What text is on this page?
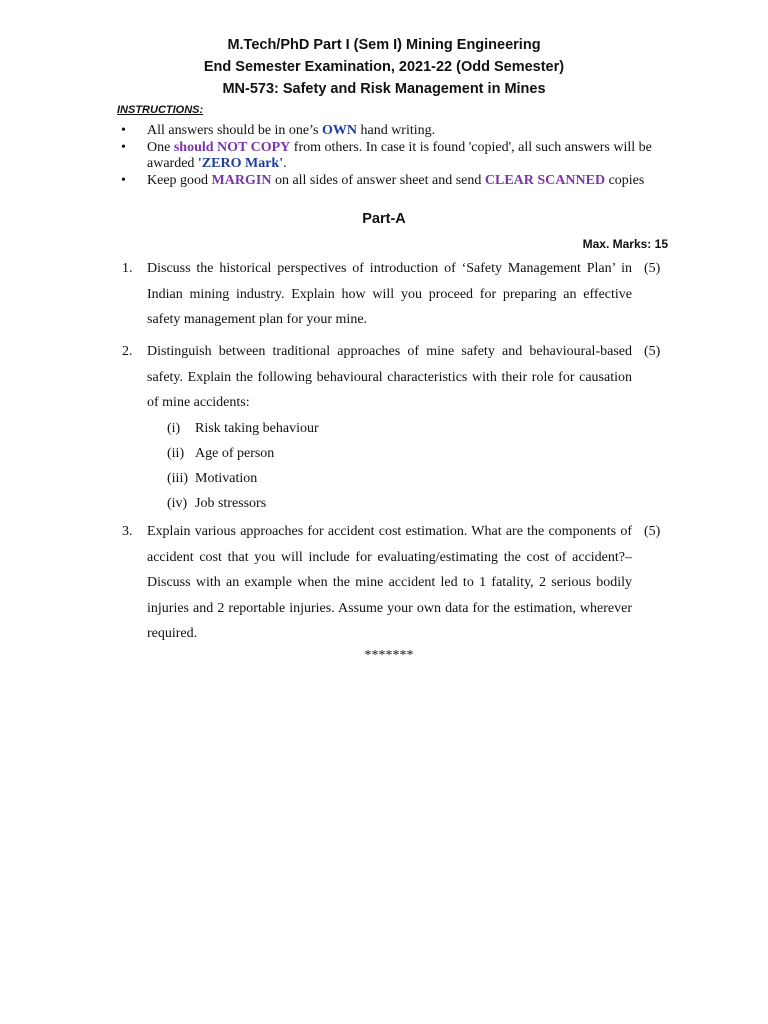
M.Tech/PhD Part I (Sem I) Mining Engineering
End Semester Examination, 2021-22 (Odd Semester)
MN-573: Safety and Risk Management in Mines
INSTRUCTIONS:
• All answers should be in one’s OWN hand writing.
• One should NOT COPY from others. In case it is found 'copied', all such answers will be awarded 'ZERO Mark'.
• Keep good MARGIN on all sides of answer sheet and send CLEAR SCANNED copies
Part-A
Max. Marks: 15
1. Discuss the historical perspectives of introduction of ‘Safety Management Plan’ in Indian mining industry. Explain how will you proceed for preparing an effective safety management plan for your mine.
(5)
2. Distinguish between traditional approaches of mine safety and behavioural-based safety. Explain the following behavioural characteristics with their role for causation of mine accidents:
(i) Risk taking behaviour
(ii) Age of person
(iii) Motivation
(iv) Job stressors
(5)
3. Explain various approaches for accident cost estimation. What are the components of accident cost that you will include for evaluating/estimating the cost of accident?– Discuss with an example when the mine accident led to 1 fatality, 2 serious bodily injuries and 2 reportable injuries. Assume your own data for the estimation, wherever required.
(5)
*******
